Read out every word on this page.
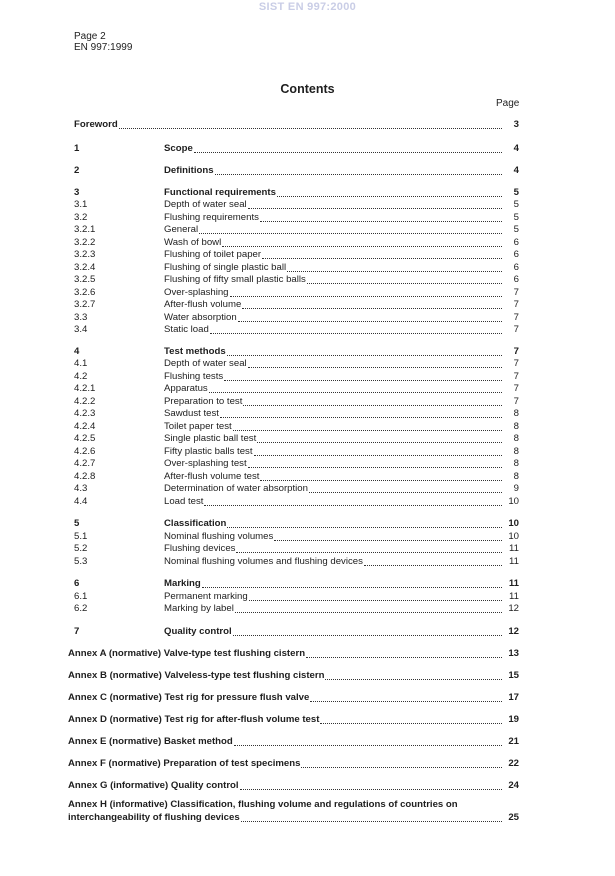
SIST EN 997:2000
Page 2
EN 997:1999
Contents
Page
Foreword	3
1	Scope	4
2	Definitions	4
3	Functional requirements	5
3.1	Depth of water seal	5
3.2	Flushing requirements	5
3.2.1	General	5
3.2.2	Wash of bowl	6
3.2.3	Flushing of toilet paper	6
3.2.4	Flushing of single plastic ball	6
3.2.5	Flushing of fifty small plastic balls	6
3.2.6	Over-splashing	7
3.2.7	After-flush volume	7
3.3	Water absorption	7
3.4	Static load	7
4	Test methods	7
4.1	Depth of water seal	7
4.2	Flushing tests	7
4.2.1	Apparatus	7
4.2.2	Preparation to test	7
4.2.3	Sawdust test	8
4.2.4	Toilet paper test	8
4.2.5	Single plastic ball test	8
4.2.6	Fifty plastic balls test	8
4.2.7	Over-splashing test	8
4.2.8	After-flush volume test	8
4.3	Determination of water absorption	9
4.4	Load test	10
5	Classification	10
5.1	Nominal flushing volumes	10
5.2	Flushing devices	11
5.3	Nominal flushing volumes and flushing devices	11
6	Marking	11
6.1	Permanent marking	11
6.2	Marking by label	12
7	Quality control	12
Annex A (normative) Valve-type test flushing cistern	13
Annex B (normative) Valveless-type test flushing cistern	15
Annex C (normative) Test rig for pressure flush valve	17
Annex D (normative) Test rig for after-flush volume test	19
Annex E (normative) Basket method	21
Annex F (normative) Preparation of test specimens	22
Annex G (informative) Quality control	24
Annex H (informative) Classification, flushing volume and regulations of countries on
interchangeability of flushing devices	25
